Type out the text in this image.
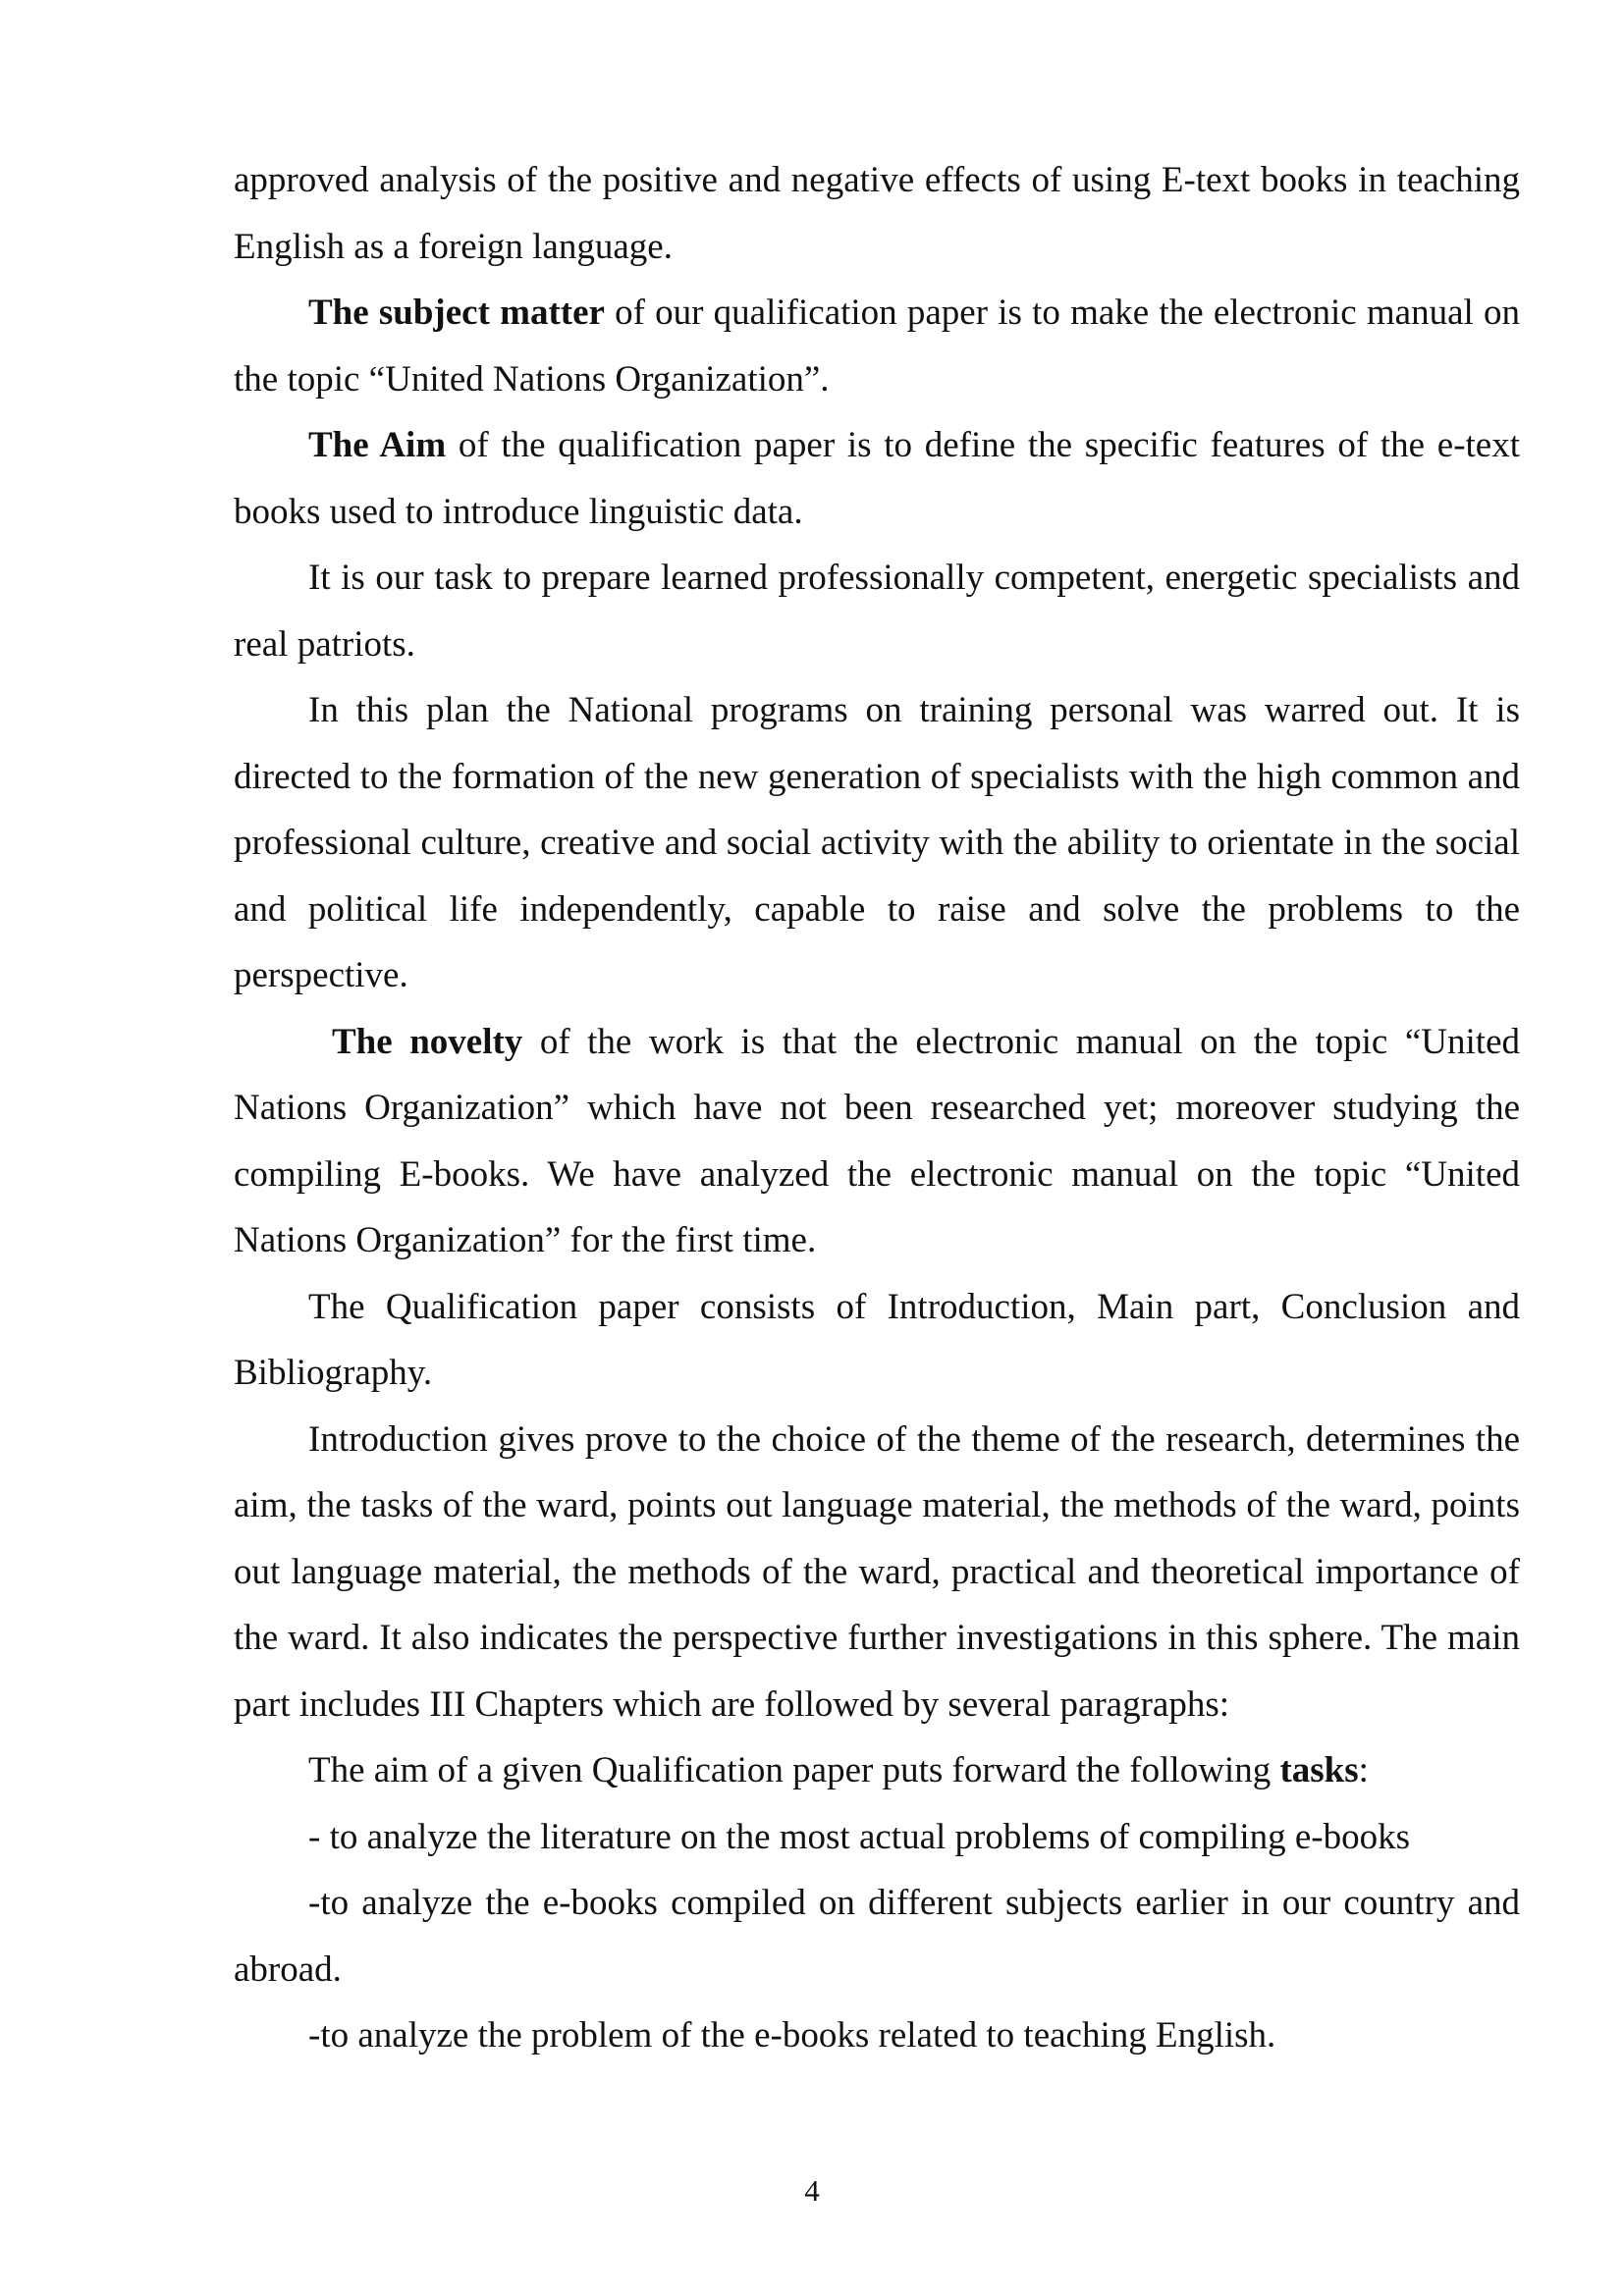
approved analysis of the positive and negative effects of using E-text books in teaching English as a foreign language.

The subject matter of our qualification paper is to make the electronic manual on the topic “United Nations Organization”.

The Aim of the qualification paper is to define the specific features of the e-text books used to introduce linguistic data.

It is our task to prepare learned professionally competent, energetic specialists and real patriots.

In this plan the National programs on training personal was warred out. It is directed to the formation of the new generation of specialists with the high common and professional culture, creative and social activity with the ability to orientate in the social and political life independently, capable to raise and solve the problems to the perspective.

The novelty of the work is that the electronic manual on the topic “United Nations Organization” which have not been researched yet; moreover studying the compiling E-books. We have analyzed the electronic manual on the topic “United Nations Organization” for the first time.

The Qualification paper consists of Introduction, Main part, Conclusion and Bibliography.

Introduction gives prove to the choice of the theme of the research, determines the aim, the tasks of the ward, points out language material, the methods of the ward, points out language material, the methods of the ward, practical and theoretical importance of the ward. It also indicates the perspective further investigations in this sphere. The main part includes III Chapters which are followed by several paragraphs:

The aim of a given Qualification paper puts forward the following tasks:

- to analyze the literature on the most actual problems of compiling e-books

-to analyze the e-books compiled on different subjects earlier in our country and abroad.

-to analyze the problem of the e-books related to teaching English.

4
